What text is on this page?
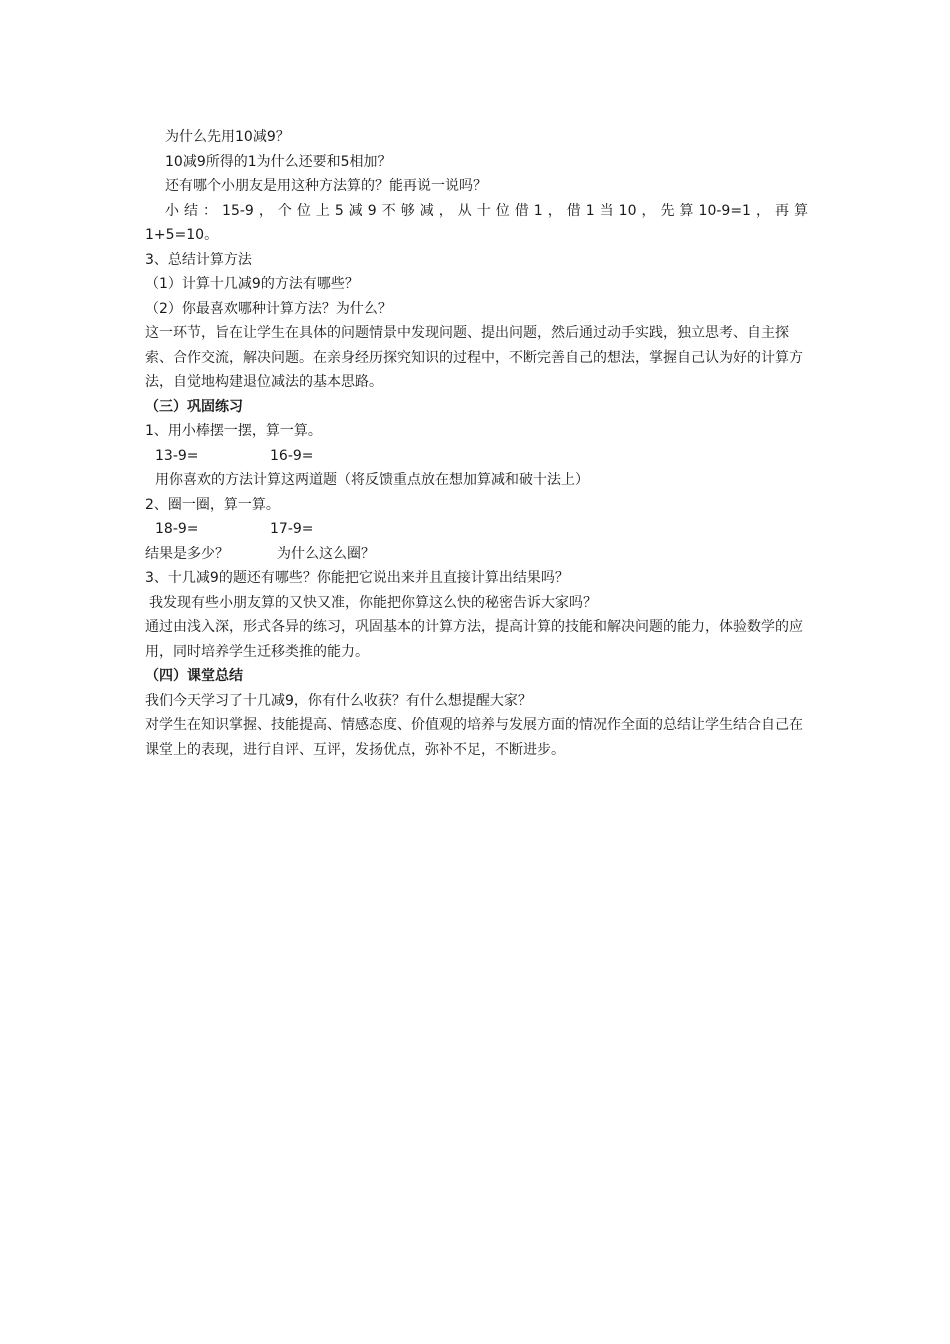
为什么先用10减9？
10减9所得的1为什么还要和5相加？
还有哪个小朋友是用这种方法算的？能再说一说吗？
小结：15-9，个位上5减9不够减，从十位借1，借1当10，先算10-9=1，再算
1+5=10。
3、总结计算方法
（1）计算十几减9的方法有哪些？
（2）你最喜欢哪种计算方法？为什么？
这一环节，旨在让学生在具体的问题情景中发现问题、提出问题，然后通过动手实践，独立思考、自主探索、合作交流，解决问题。在亲身经历探究知识的过程中，不断完善自己的想法，掌握自己认为好的计算方法，自觉地构建退位减法的基本思路。
（三）巩固练习
1、用小棒摆一摆，算一算。
13-9=	16-9=
用你喜欢的方法计算这两道题（将反馈重点放在想加算减和破十法上）
2、圈一圈，算一算。
18-9=	17-9=
结果是多少？	为什么这么圈？
3、十几减9的题还有哪些？你能把它说出来并且直接计算出结果吗？
我发现有些小朋友算的又快又准，你能把你算这么快的秘密告诉大家吗？
通过由浅入深，形式各异的练习，巩固基本的计算方法，提高计算的技能和解决问题的能力，体验数学的应用，同时培养学生迁移类推的能力。
（四）课堂总结
我们今天学习了十几减9，你有什么收获？有什么想提醒大家？
对学生在知识掌握、技能提高、情感态度、价值观的培养与发展方面的情况作全面的总结让学生结合自己在课堂上的表现，进行自评、互评，发扬优点，弥补不足，不断进步。
